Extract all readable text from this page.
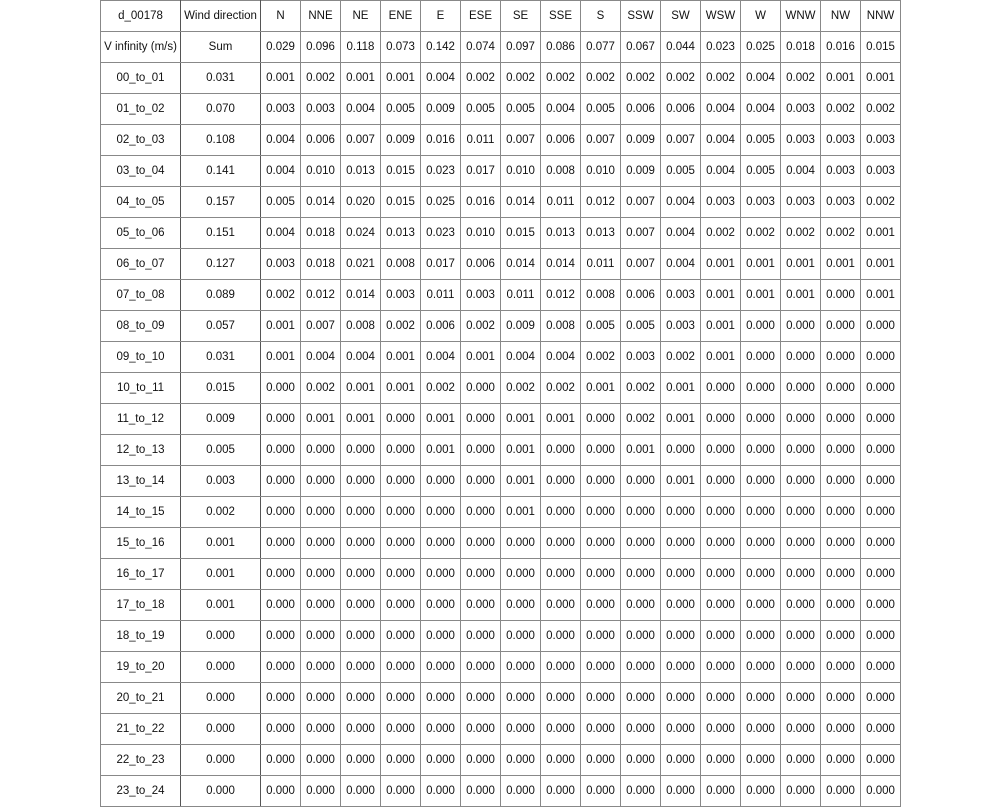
d_00178	Wind direction	N	NNE	NE	ENE	E	ESE	SE	SSE	S	SSW	SW	WSW	W	WNW	NW	NNW
V infinity (m/s)	Sum	0.029	0.096	0.118	0.073	0.142	0.074	0.097	0.086	0.077	0.067	0.044	0.023	0.025	0.018	0.016	0.015
00_to_01	0.031	0.001	0.002	0.001	0.001	0.004	0.002	0.002	0.002	0.002	0.002	0.002	0.002	0.004	0.002	0.001	0.001
01_to_02	0.070	0.003	0.003	0.004	0.005	0.009	0.005	0.005	0.004	0.005	0.006	0.006	0.004	0.004	0.003	0.002	0.002
02_to_03	0.108	0.004	0.006	0.007	0.009	0.016	0.011	0.007	0.006	0.007	0.009	0.007	0.004	0.005	0.003	0.003	0.003
03_to_04	0.141	0.004	0.010	0.013	0.015	0.023	0.017	0.010	0.008	0.010	0.009	0.005	0.004	0.005	0.004	0.003	0.003
04_to_05	0.157	0.005	0.014	0.020	0.015	0.025	0.016	0.014	0.011	0.012	0.007	0.004	0.003	0.003	0.003	0.003	0.002
05_to_06	0.151	0.004	0.018	0.024	0.013	0.023	0.010	0.015	0.013	0.013	0.007	0.004	0.002	0.002	0.002	0.002	0.001
06_to_07	0.127	0.003	0.018	0.021	0.008	0.017	0.006	0.014	0.014	0.011	0.007	0.004	0.001	0.001	0.001	0.001	0.001
07_to_08	0.089	0.002	0.012	0.014	0.003	0.011	0.003	0.011	0.012	0.008	0.006	0.003	0.001	0.001	0.001	0.000	0.001
08_to_09	0.057	0.001	0.007	0.008	0.002	0.006	0.002	0.009	0.008	0.005	0.005	0.003	0.001	0.000	0.000	0.000	0.000
09_to_10	0.031	0.001	0.004	0.004	0.001	0.004	0.001	0.004	0.004	0.002	0.003	0.002	0.001	0.000	0.000	0.000	0.000
10_to_11	0.015	0.000	0.002	0.001	0.001	0.002	0.000	0.002	0.002	0.001	0.002	0.001	0.000	0.000	0.000	0.000	0.000
11_to_12	0.009	0.000	0.001	0.001	0.000	0.001	0.000	0.001	0.001	0.000	0.002	0.001	0.000	0.000	0.000	0.000	0.000
12_to_13	0.005	0.000	0.000	0.000	0.000	0.001	0.000	0.001	0.000	0.000	0.001	0.000	0.000	0.000	0.000	0.000	0.000
13_to_14	0.003	0.000	0.000	0.000	0.000	0.000	0.000	0.001	0.000	0.000	0.000	0.001	0.000	0.000	0.000	0.000	0.000
14_to_15	0.002	0.000	0.000	0.000	0.000	0.000	0.000	0.001	0.000	0.000	0.000	0.000	0.000	0.000	0.000	0.000	0.000
15_to_16	0.001	0.000	0.000	0.000	0.000	0.000	0.000	0.000	0.000	0.000	0.000	0.000	0.000	0.000	0.000	0.000	0.000
16_to_17	0.001	0.000	0.000	0.000	0.000	0.000	0.000	0.000	0.000	0.000	0.000	0.000	0.000	0.000	0.000	0.000	0.000
17_to_18	0.001	0.000	0.000	0.000	0.000	0.000	0.000	0.000	0.000	0.000	0.000	0.000	0.000	0.000	0.000	0.000	0.000
18_to_19	0.000	0.000	0.000	0.000	0.000	0.000	0.000	0.000	0.000	0.000	0.000	0.000	0.000	0.000	0.000	0.000	0.000
19_to_20	0.000	0.000	0.000	0.000	0.000	0.000	0.000	0.000	0.000	0.000	0.000	0.000	0.000	0.000	0.000	0.000	0.000
20_to_21	0.000	0.000	0.000	0.000	0.000	0.000	0.000	0.000	0.000	0.000	0.000	0.000	0.000	0.000	0.000	0.000	0.000
21_to_22	0.000	0.000	0.000	0.000	0.000	0.000	0.000	0.000	0.000	0.000	0.000	0.000	0.000	0.000	0.000	0.000	0.000
22_to_23	0.000	0.000	0.000	0.000	0.000	0.000	0.000	0.000	0.000	0.000	0.000	0.000	0.000	0.000	0.000	0.000	0.000
23_to_24	0.000	0.000	0.000	0.000	0.000	0.000	0.000	0.000	0.000	0.000	0.000	0.000	0.000	0.000	0.000	0.000	0.000
